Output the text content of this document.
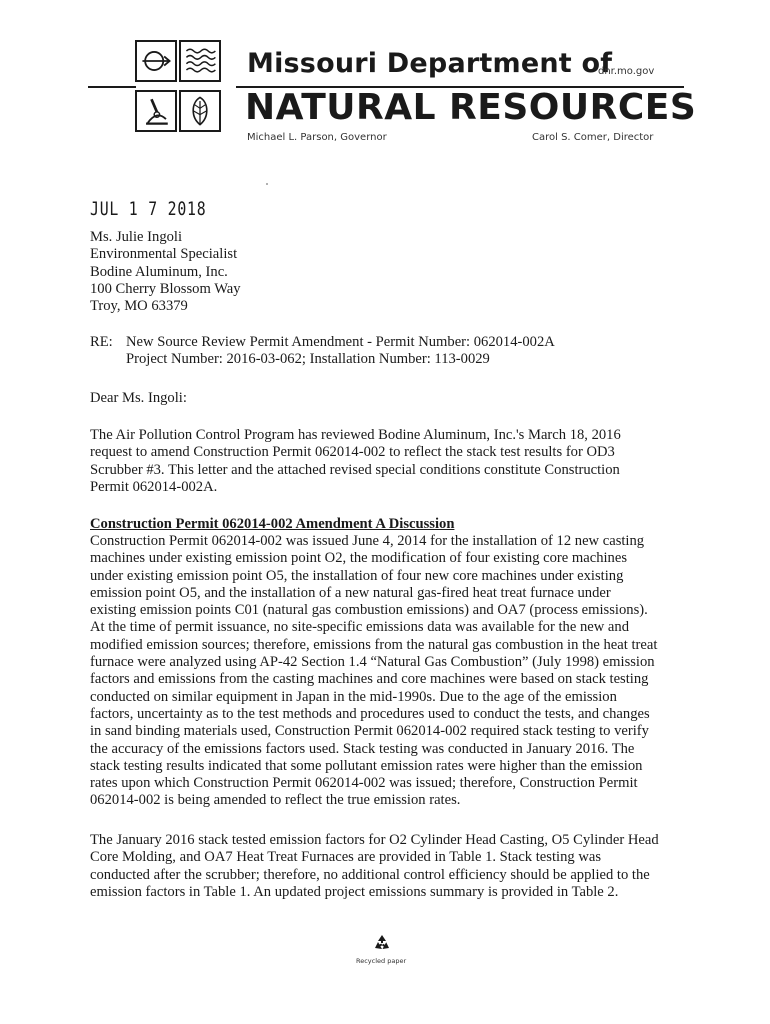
Missouri Department of
dnr.mo.gov
NATURAL RESOURCES
Michael L. Parson, Governor	Carol S. Comer, Director
JUL 1 7 2018
Ms. Julie Ingoli
Environmental Specialist
Bodine Aluminum, Inc.
100 Cherry Blossom Way
Troy, MO 63379
RE: New Source Review Permit Amendment - Permit Number: 062014-002A
Project Number: 2016-03-062; Installation Number: 113-0029
Dear Ms. Ingoli:
The Air Pollution Control Program has reviewed Bodine Aluminum, Inc.'s March 18, 2016
request to amend Construction Permit 062014-002 to reflect the stack test results for OD3
Scrubber #3. This letter and the attached revised special conditions constitute Construction
Permit 062014-002A.
Construction Permit 062014-002 Amendment A Discussion
Construction Permit 062014-002 was issued June 4, 2014 for the installation of 12 new casting
machines under existing emission point O2, the modification of four existing core machines
under existing emission point O5, the installation of four new core machines under existing
emission point O5, and the installation of a new natural gas-fired heat treat furnace under
existing emission points C01 (natural gas combustion emissions) and OA7 (process emissions).
At the time of permit issuance, no site-specific emissions data was available for the new and
modified emission sources; therefore, emissions from the natural gas combustion in the heat treat
furnace were analyzed using AP-42 Section 1.4 “Natural Gas Combustion” (July 1998) emission
factors and emissions from the casting machines and core machines were based on stack testing
conducted on similar equipment in Japan in the mid-1990s. Due to the age of the emission
factors, uncertainty as to the test methods and procedures used to conduct the tests, and changes
in sand binding materials used, Construction Permit 062014-002 required stack testing to verify
the accuracy of the emissions factors used. Stack testing was conducted in January 2016. The
stack testing results indicated that some pollutant emission rates were higher than the emission
rates upon which Construction Permit 062014-002 was issued; therefore, Construction Permit
062014-002 is being amended to reflect the true emission rates.
The January 2016 stack tested emission factors for O2 Cylinder Head Casting, O5 Cylinder Head
Core Molding, and OA7 Heat Treat Furnaces are provided in Table 1. Stack testing was
conducted after the scrubber; therefore, no additional control efficiency should be applied to the
emission factors in Table 1. An updated project emissions summary is provided in Table 2.
Recycled paper
